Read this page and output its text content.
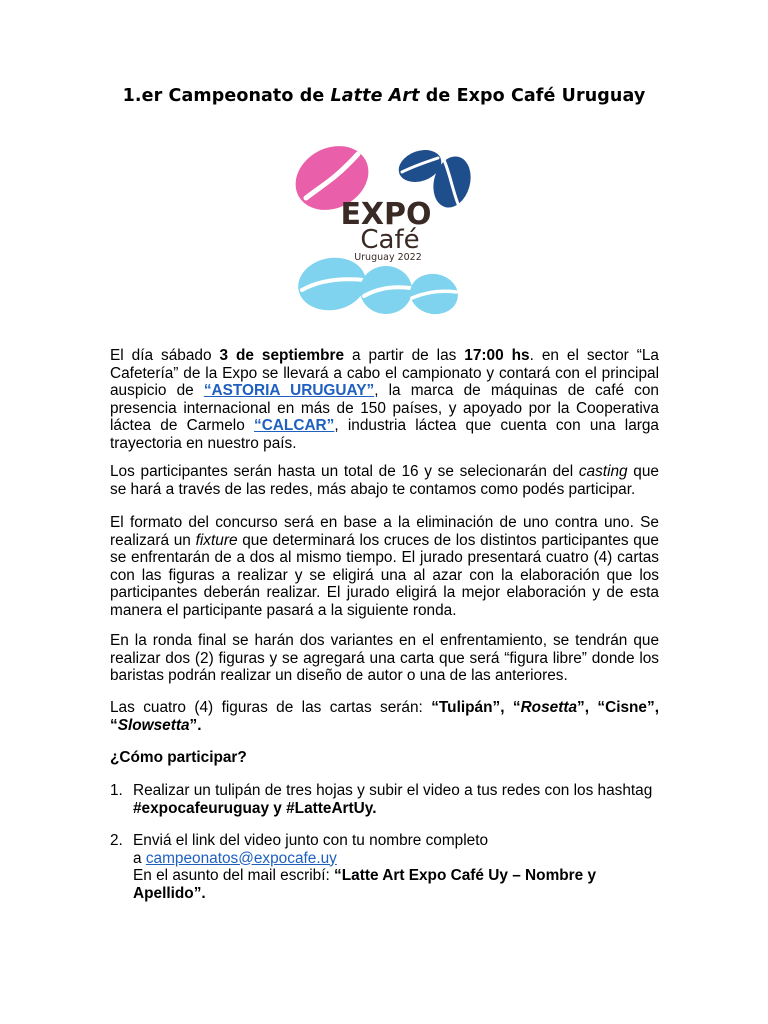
1.er Campeonato de Latte Art de Expo Café Uruguay
EXPO
Café
Uruguay 2022
El día sábado 3 de septiembre a partir de las 17:00 hs. en el sector “La Cafetería” de la Expo se llevará a cabo el campionato y contará con el principal auspicio de “ASTORIA URUGUAY”, la marca de máquinas de café con presencia internacional en más de 150 países, y apoyado por la Cooperativa láctea de Carmelo “CALCAR”, industria láctea que cuenta con una larga trayectoria en nuestro país.
Los participantes serán hasta un total de 16 y se selecionarán del casting que se hará a través de las redes, más abajo te contamos como podés participar.
El formato del concurso será en base a la eliminación de uno contra uno. Se realizará un fixture que determinará los cruces de los distintos participantes que se enfrentarán de a dos al mismo tiempo. El jurado presentará cuatro (4) cartas con las figuras a realizar y se eligirá una al azar con la elaboración que los participantes deberán realizar. El jurado eligirá la mejor elaboración y de esta manera el participante pasará a la siguiente ronda.
En la ronda final se harán dos variantes en el enfrentamiento, se tendrán que realizar dos (2) figuras y se agregará una carta que será “figura libre” donde los baristas podrán realizar un diseño de autor o una de las anteriores.
Las cuatro (4) figuras de las cartas serán: “Tulipán”, “Rosetta”, “Cisne”, “Slowsetta”.
¿Cómo participar?
1. Realizar un tulipán de tres hojas y subir el video a tus redes con los hashtag #expocafeuruguay y #LatteArtUy.
2. Enviá el link del video junto con tu nombre completo
a campeonatos@expocafe.uy
En el asunto del mail escribí: “Latte Art Expo Café Uy – Nombre y Apellido”.
